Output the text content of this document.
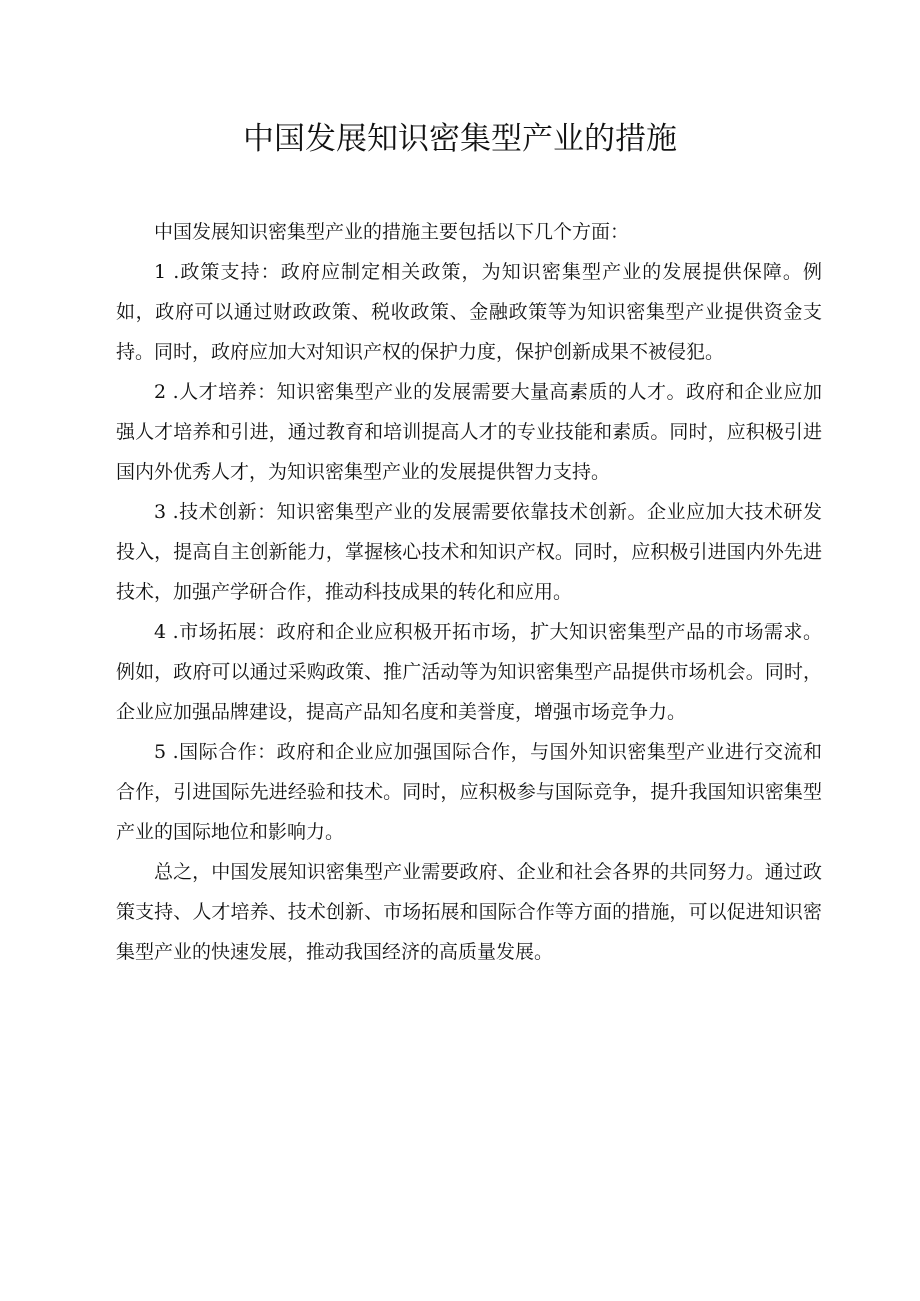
中国发展知识密集型产业的措施

中国发展知识密集型产业的措施主要包括以下几个方面：

1 .政策支持：政府应制定相关政策，为知识密集型产业的发展提供保障。例如，政府可以通过财政政策、税收政策、金融政策等为知识密集型产业提供资金支持。同时，政府应加大对知识产权的保护力度，保护创新成果不被侵犯。

2 .人才培养：知识密集型产业的发展需要大量高素质的人才。政府和企业应加强人才培养和引进，通过教育和培训提高人才的专业技能和素质。同时，应积极引进国内外优秀人才，为知识密集型产业的发展提供智力支持。

3 .技术创新：知识密集型产业的发展需要依靠技术创新。企业应加大技术研发投入，提高自主创新能力，掌握核心技术和知识产权。同时，应积极引进国内外先进技术，加强产学研合作，推动科技成果的转化和应用。

4 .市场拓展：政府和企业应积极开拓市场，扩大知识密集型产品的市场需求。例如，政府可以通过采购政策、推广活动等为知识密集型产品提供市场机会。同时，企业应加强品牌建设，提高产品知名度和美誉度，增强市场竞争力。

5 .国际合作：政府和企业应加强国际合作，与国外知识密集型产业进行交流和合作，引进国际先进经验和技术。同时，应积极参与国际竞争，提升我国知识密集型产业的国际地位和影响力。

总之，中国发展知识密集型产业需要政府、企业和社会各界的共同努力。通过政策支持、人才培养、技术创新、市场拓展和国际合作等方面的措施，可以促进知识密集型产业的快速发展，推动我国经济的高质量发展。
